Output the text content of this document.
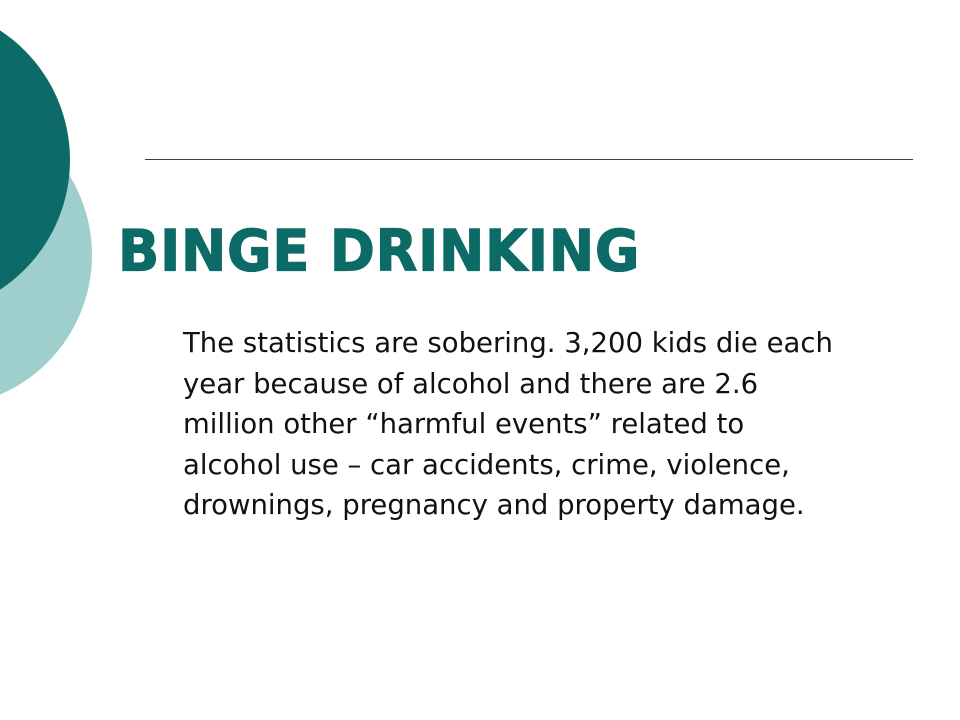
BINGE DRINKING

The statistics are sobering. 3,200 kids die each year because of alcohol and there are 2.6 million other “harmful events” related to alcohol use – car accidents, crime, violence, drownings, pregnancy and property damage.
